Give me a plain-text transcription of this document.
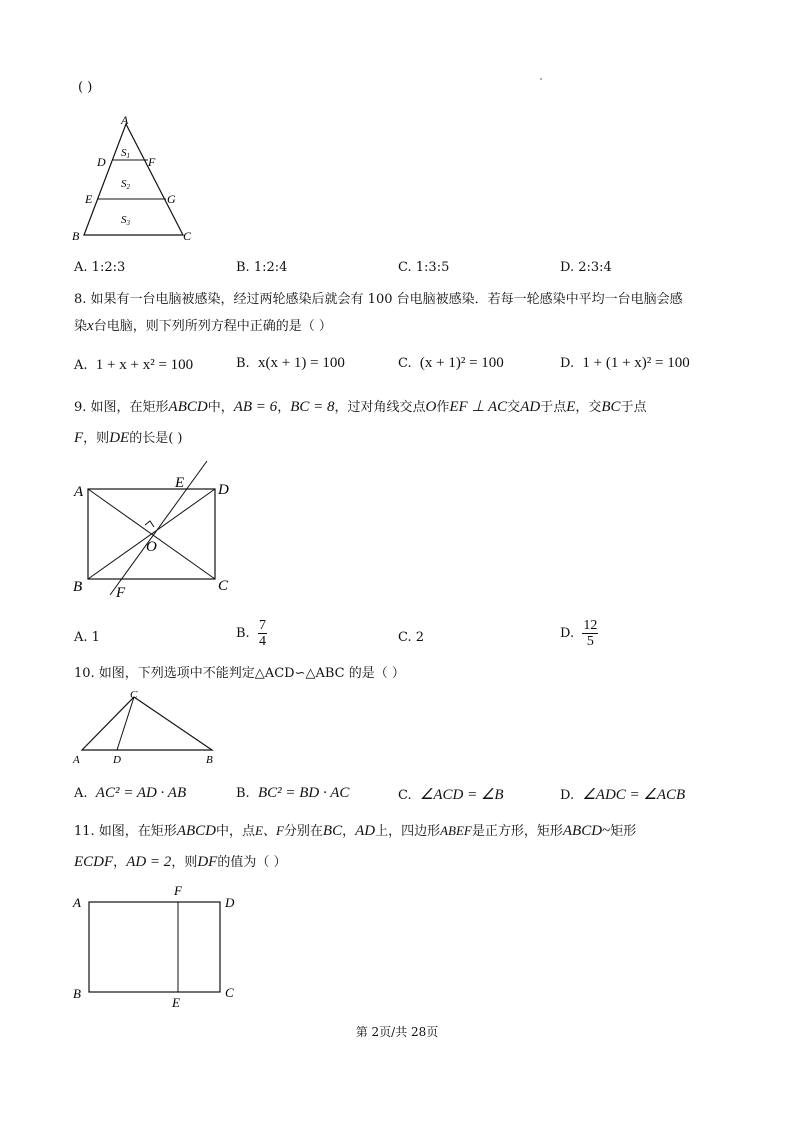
( )
A
D	F
E	G
B	C
S1
S2
S3
A. 1:2:3	B. 1:2:4	C. 1:3:5	D. 2:3:4
8. 如果有一台电脑被感染，经过两轮感染后就会有 100 台电脑被感染．若每一轮感染中平均一台电脑会感
染x台电脑，则下列所列方程中正确的是（ ）
A. 1 + x + x² = 100	B. x(x + 1) = 100	C. (x + 1)² = 100	D. 1 + (1 + x)² = 100
9. 如图，在矩形ABCD中，AB = 6，BC = 8，过对角线交点O作EF ⊥ AC交AD于点E，交BC于点
F，则DE的长是( )
A
E D
O
B F	C
A. 1	B. $\frac{7}{4}$	C. 2	D. $\frac{12}{5}$
10. 如图，下列选项中不能判定△ACD∽△ABC 的是（ ）
C
A	D	B
A. AC² = AD · AB	B. BC² = BD · AC	C. ∠ACD = ∠B	D. ∠ADC = ∠ACB
11. 如图，在矩形ABCD中，点E、F分别在BC，AD上，四边形ABEF是正方形，矩形ABCD~矩形
ECDF，AD = 2，则DF的值为（ ）
A
F
D
B
E
C
第 2页/共 28页
